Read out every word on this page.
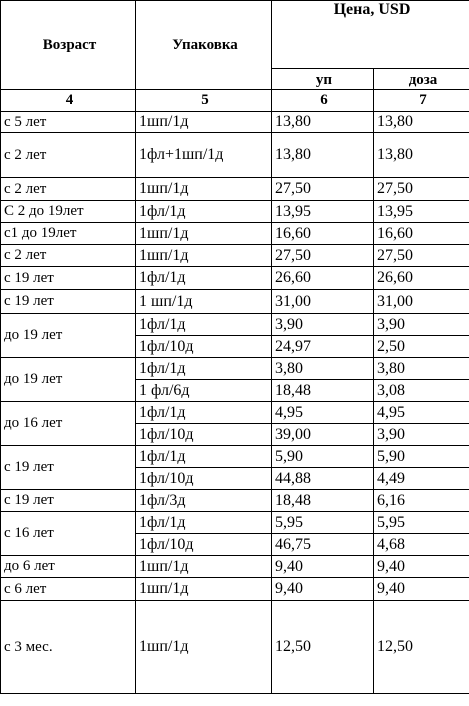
Возраст	Упаковка	Цена, USD	
		уп	доза
4	5	6	7
с 5 лет	1шп/1д	13,80	13,80
с 2 лет	1фл+1шп/1д	13,80	13,80
с 2 лет	1шп/1д	27,50	27,50
С 2 до 19лет	1фл/1д	13,95	13,95
с1 до 19лет	1шп/1д	16,60	16,60
с 2 лет	1шп/1д	27,50	27,50
с 19 лет	1фл/1д	26,60	26,60
с 19 лет	1 шп/1д	31,00	31,00
до 19 лет	1фл/1д	3,90	3,90
	1фл/10д	24,97	2,50
до 19 лет	1фл/1д	3,80	3,80
	1 фл/6д	18,48	3,08
до 16 лет	1фл/1д	4,95	4,95
	1фл/10д	39,00	3,90
с 19 лет	1фл/1д	5,90	5,90
	1фл/10д	44,88	4,49
с 19 лет	1фл/3д	18,48	6,16
с 16 лет	1фл/1д	5,95	5,95
	1фл/10д	46,75	4,68
до 6 лет	1шп/1д	9,40	9,40
с 6 лет	1шп/1д	9,40	9,40
с 3 мес.	1шп/1д	12,50	12,50
